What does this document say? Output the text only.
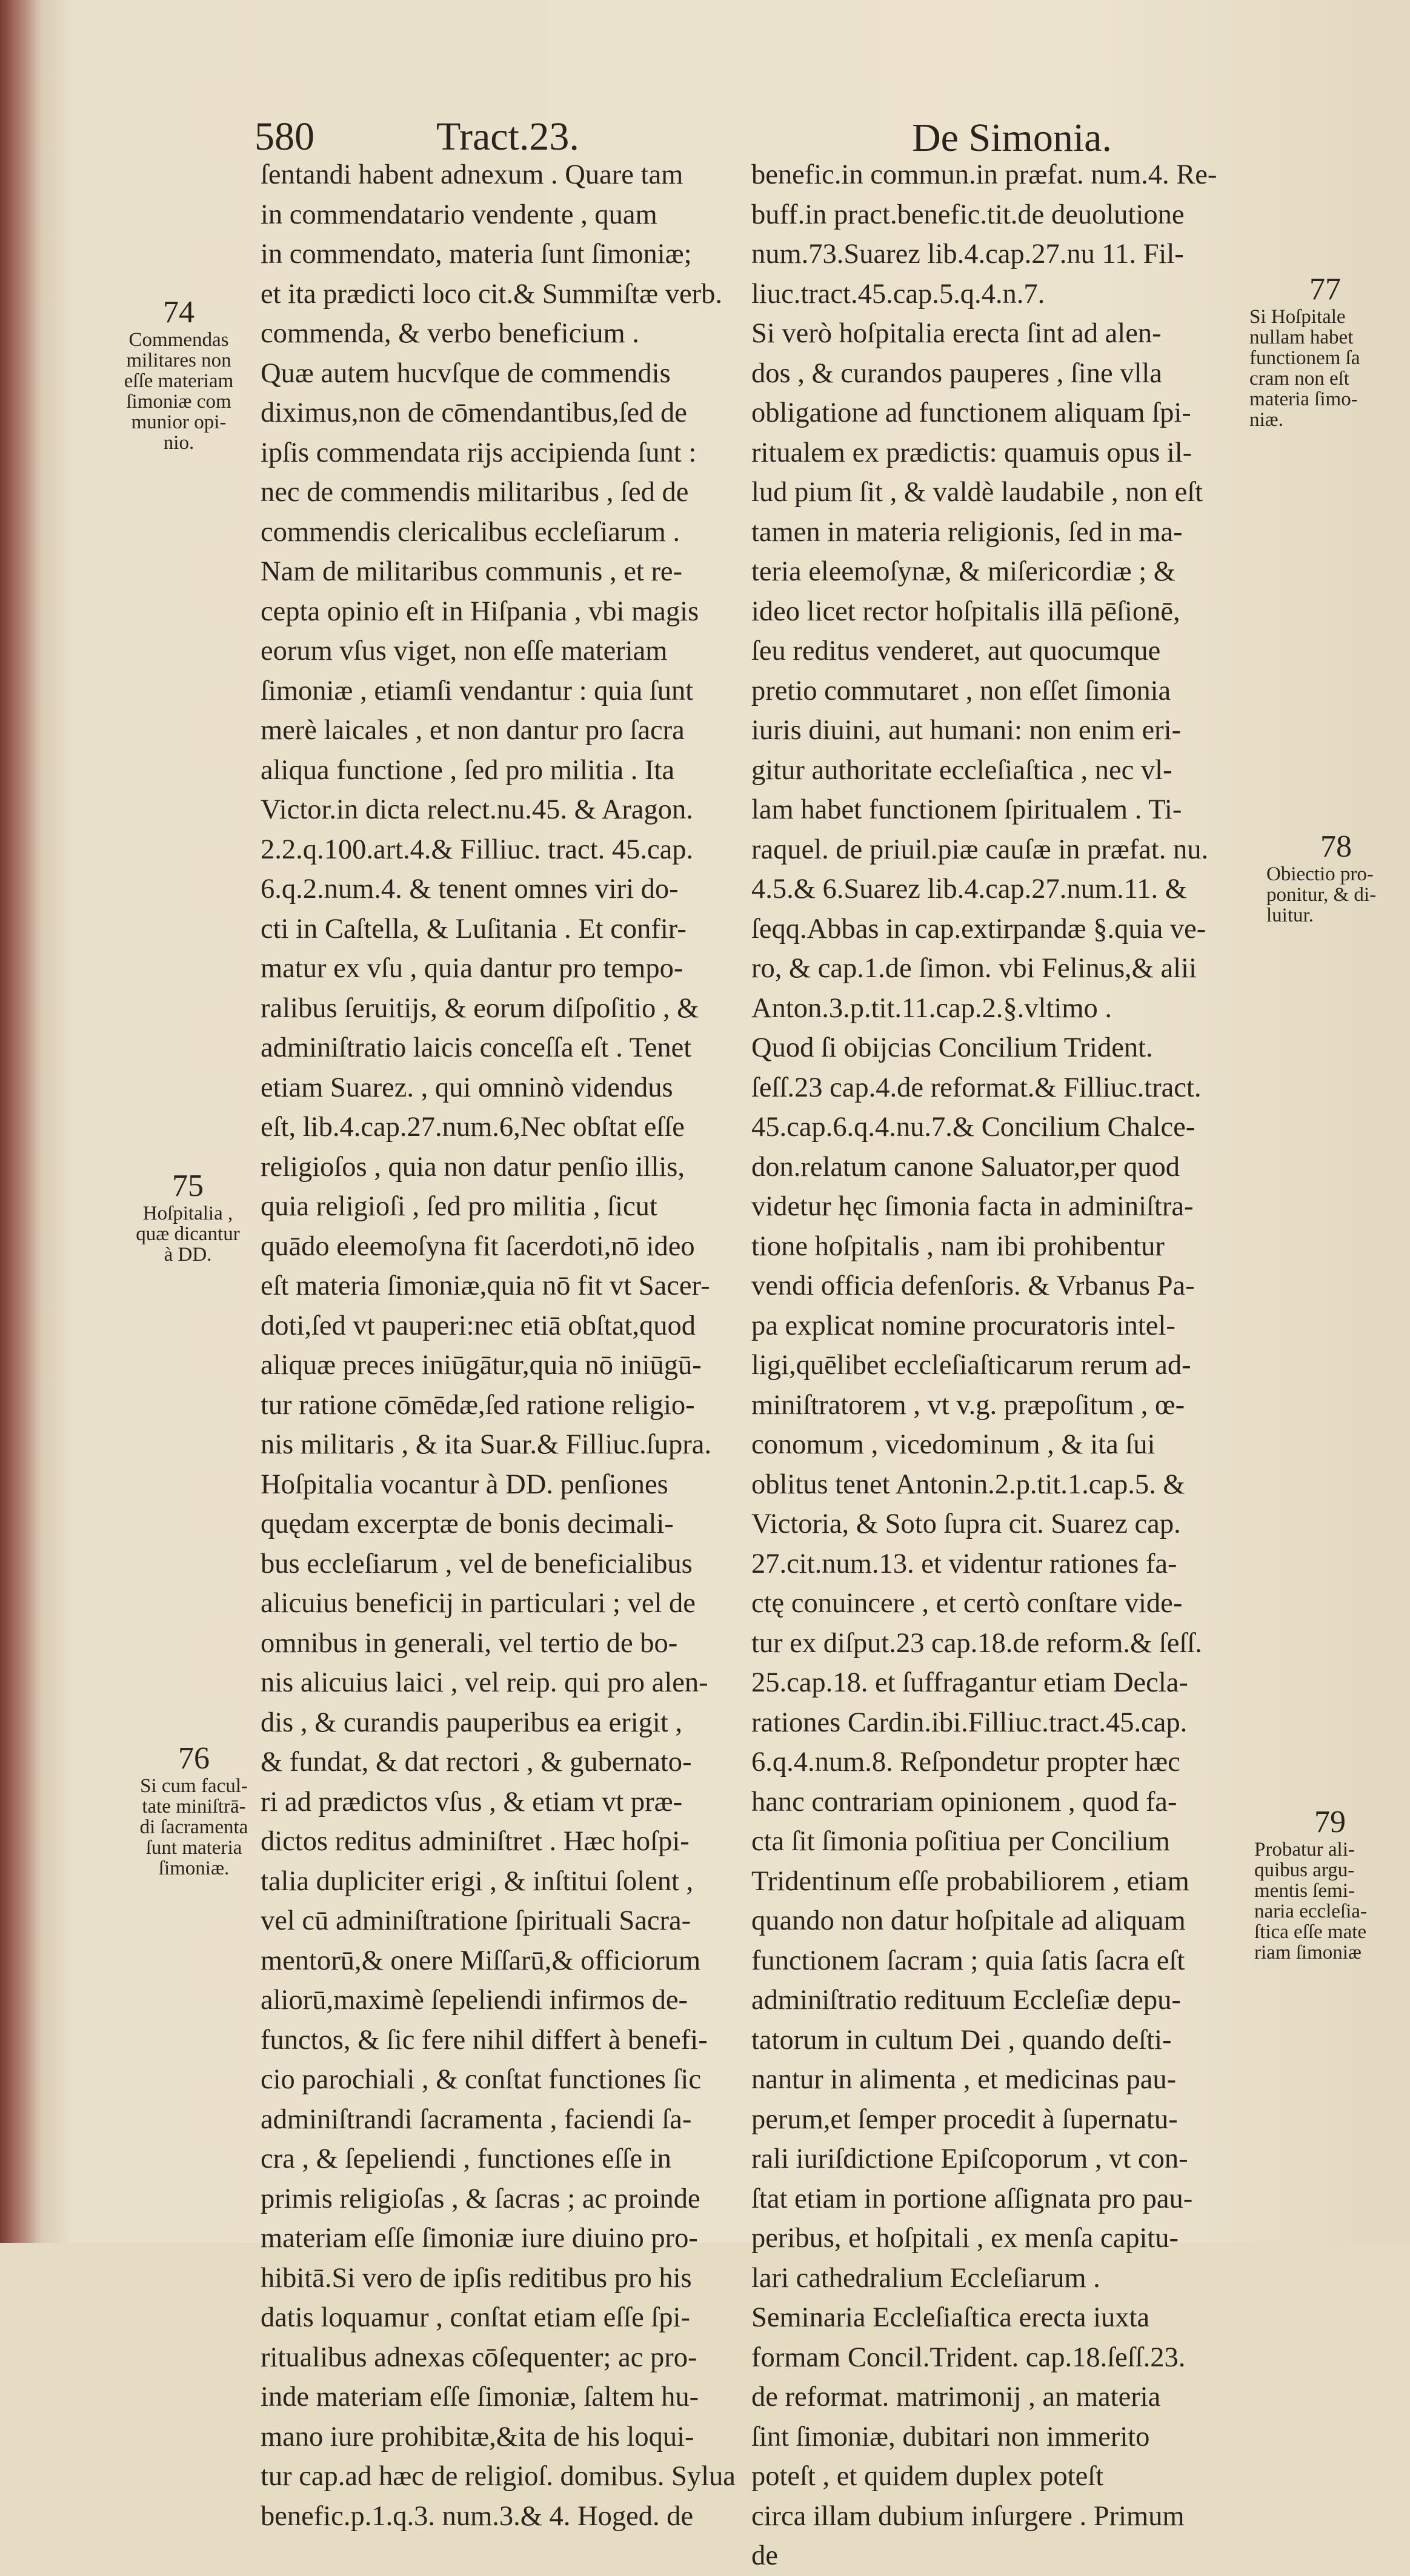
580	Tract.23.	De Simonia.
ſentandi habent adnexum . Quare tam
in commendatario vendente , quam
in commendato, materia ſunt ſimoniæ;
et ita prædicti loco cit.& Summiſtæ verb.
commenda, & verbo beneficium .
Quæ autem hucvſque de commendis
diximus,non de cōmendantibus,ſed de
ipſis commendata rijs accipienda ſunt :
nec de commendis militaribus , ſed de
commendis clericalibus eccleſiarum .
Nam de militaribus communis , et re-
cepta opinio eſt in Hiſpania , vbi magis
eorum vſus viget, non eſſe materiam
ſimoniæ , etiamſi vendantur : quia ſunt
merè laicales , et non dantur pro ſacra
aliqua functione , ſed pro militia . Ita
Victor.in dicta relect.nu.45. & Aragon.
2.2.q.100.art.4.& Filliuc. tract. 45.cap.
6.q.2.num.4. & tenent omnes viri do-
cti in Caſtella, & Luſitania . Et confir-
matur ex vſu , quia dantur pro tempo-
ralibus ſeruitijs, & eorum diſpoſitio , &
adminiſtratio laicis conceſſa eſt . Tenet
etiam Suarez. , qui omninò videndus
eſt, lib.4.cap.27.num.6,Nec obſtat eſſe
religioſos , quia non datur penſio illis,
quia religioſi , ſed pro militia , ſicut
quādo eleemoſyna fit ſacerdoti,nō ideo
eſt materia ſimoniæ,quia nō fit vt Sacer-
doti,ſed vt pauperi:nec etiā obſtat,quod
aliquæ preces iniūgātur,quia nō iniūgū-
tur ratione cōmēdæ,ſed ratione religio-
nis militaris , & ita Suar.& Filliuc.ſupra.
Hoſpitalia vocantur à DD. penſiones
quędam excerptæ de bonis decimali-
bus eccleſiarum , vel de beneficialibus
alicuius beneficij in particulari ; vel de
omnibus in generali, vel tertio de bo-
nis alicuius laici , vel reip. qui pro alen-
dis , & curandis pauperibus ea erigit ,
& fundat, & dat rectori , & gubernato-
ri ad prædictos vſus , & etiam vt præ-
dictos reditus adminiſtret . Hæc hoſpi-
talia dupliciter erigi , & inſtitui ſolent ,
vel cū adminiſtratione ſpirituali Sacra-
mentorū,& onere Miſſarū,& officiorum
aliorū,maximè ſepeliendi infirmos de-
functos, & ſic fere nihil differt à benefi-
cio parochiali , & conſtat functiones ſic
adminiſtrandi ſacramenta , faciendi ſa-
cra , & ſepeliendi , functiones eſſe in
primis religioſas , & ſacras ; ac proinde
materiam eſſe ſimoniæ iure diuino pro-
hibitā.Si vero de ipſis reditibus pro his
datis loquamur , conſtat etiam eſſe ſpi-
ritualibus adnexas cōſequenter; ac pro-
inde materiam eſſe ſimoniæ, ſaltem hu-
mano iure prohibitæ,&ita de his loqui-
tur cap.ad hæc de religioſ. domibus. Sylua
benefic.p.1.q.3. num.3.& 4. Hoged. de
benefic.in commun.in præfat. num.4. Re-
buff.in pract.benefic.tit.de deuolutione
num.73.Suarez lib.4.cap.27.nu 11. Fil-
liuc.tract.45.cap.5.q.4.n.7.
Si verò hoſpitalia erecta ſint ad alen-
dos , & curandos pauperes , ſine vlla
obligatione ad functionem aliquam ſpi-
ritualem ex prædictis: quamuis opus il-
lud pium ſit , & valdè laudabile , non eſt
tamen in materia religionis, ſed in ma-
teria eleemoſynæ, & miſericordiæ ; &
ideo licet rector hoſpitalis illā pēſionē,
ſeu reditus venderet, aut quocumque
pretio commutaret , non eſſet ſimonia
iuris diuini, aut humani: non enim eri-
gitur authoritate eccleſiaſtica , nec vl-
lam habet functionem ſpiritualem . Ti-
raquel. de priuil.piæ cauſæ in præfat. nu.
4.5.& 6.Suarez lib.4.cap.27.num.11. &
ſeqq.Abbas in cap.extirpandæ §.quia ve-
ro, & cap.1.de ſimon. vbi Felinus,& alii
Anton.3.p.tit.11.cap.2.§.vltimo .
Quod ſi obijcias Concilium Trident.
ſeſſ.23 cap.4.de reformat.& Filliuc.tract.
45.cap.6.q.4.nu.7.& Concilium Chalce-
don.relatum canone Saluator,per quod
videtur hęc ſimonia facta in adminiſtra-
tione hoſpitalis , nam ibi prohibentur
vendi officia defenſoris. & Vrbanus Pa-
pa explicat nomine procuratoris intel-
ligi,quēlibet eccleſiaſticarum rerum ad-
miniſtratorem , vt v.g. præpoſitum , œ-
conomum , vicedominum , & ita ſui
oblitus tenet Antonin.2.p.tit.1.cap.5. &
Victoria, & Soto ſupra cit. Suarez cap.
27.cit.num.13. et videntur rationes fa-
ctę conuincere , et certò conſtare vide-
tur ex diſput.23 cap.18.de reform.& ſeſſ.
25.cap.18. et ſuffragantur etiam Decla-
rationes Cardin.ibi.Filliuc.tract.45.cap.
6.q.4.num.8. Reſpondetur propter hæc
hanc contrariam opinionem , quod fa-
cta ſit ſimonia poſitiua per Concilium
Tridentinum eſſe probabiliorem , etiam
quando non datur hoſpitale ad aliquam
functionem ſacram ; quia ſatis ſacra eſt
adminiſtratio redituum Eccleſiæ depu-
tatorum in cultum Dei , quando deſti-
nantur in alimenta , et medicinas pau-
perum,et ſemper procedit à ſupernatu-
rali iuriſdictione Epiſcoporum , vt con-
ſtat etiam in portione aſſignata pro pau-
peribus, et hoſpitali , ex menſa capitu-
lari cathedralium Eccleſiarum .
Seminaria Eccleſiaſtica erecta iuxta
formam Concil.Trident. cap.18.ſeſſ.23.
de reformat. matrimonij , an materia
ſint ſimoniæ, dubitari non immerito
poteſt , et quidem duplex poteſt
circa illam dubium inſurgere . Primum
de
74
Commendas
militares non
eſſe materiam
ſimoniæ com
munior opi-
nio.
75
Hoſpitalia ,
quæ dicantur
à DD.
76
Si cum facul-
tate miniſtrā-
di ſacramenta
ſunt materia
ſimoniæ.
77
Si Hoſpitale
nullam habet
functionem ſa
cram non eſt
materia ſimo-
niæ.
78
Obiectio pro-
ponitur, & di-
luitur.
79
Probatur ali-
quibus argu-
mentis ſemi-
naria eccleſia-
ſtica eſſe mate
riam ſimoniæ
